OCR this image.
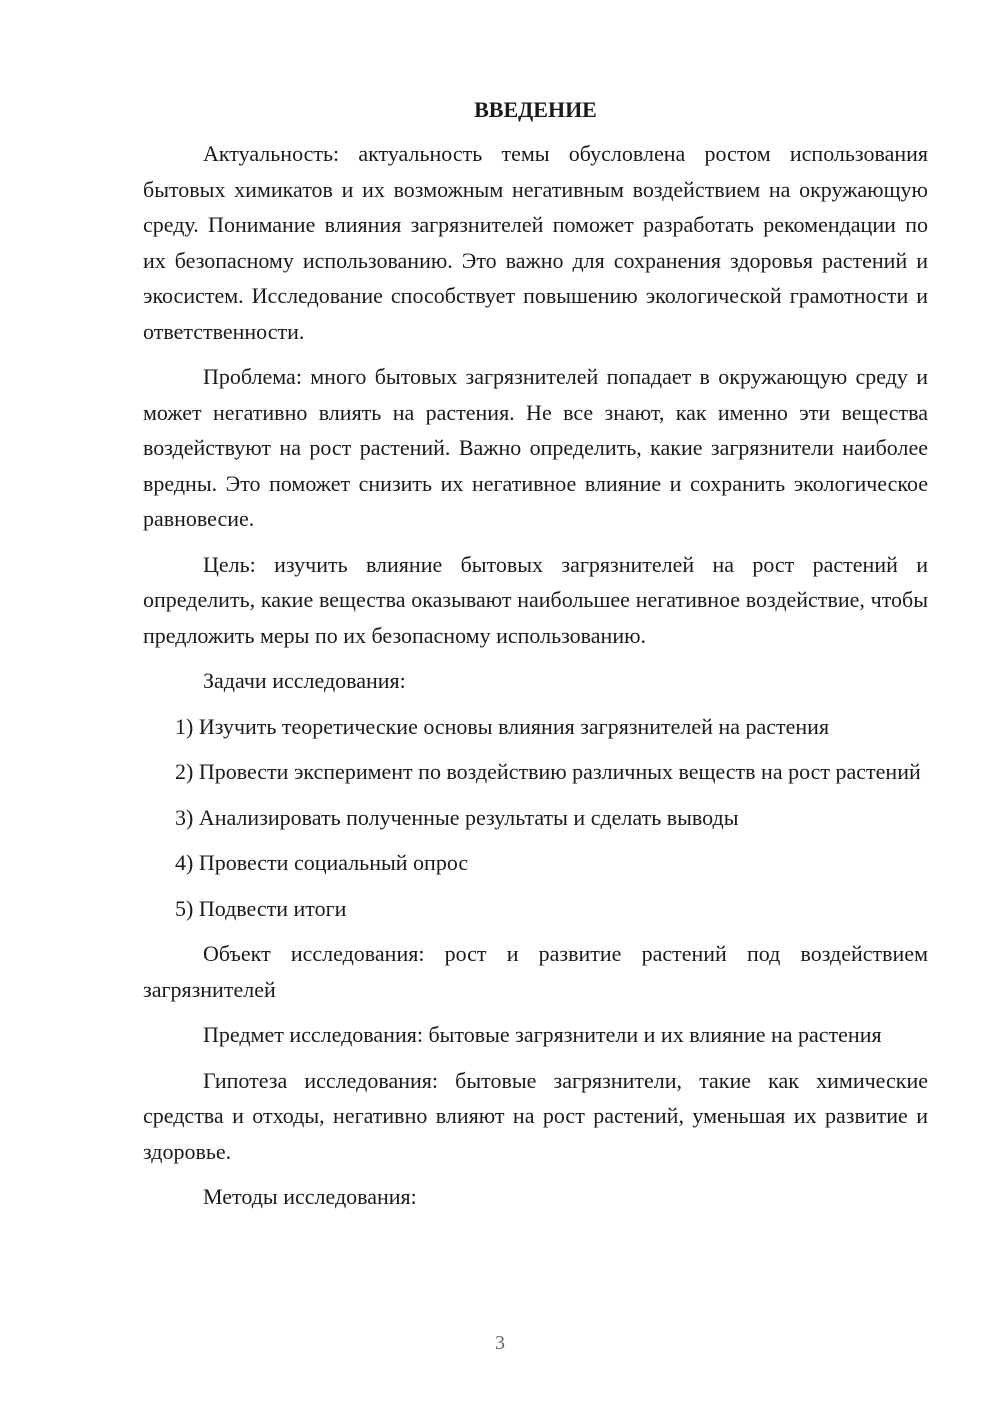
ВВЕДЕНИЕ

Актуальность: актуальность темы обусловлена ростом использования бытовых химикатов и их возможным негативным воздействием на окружающую среду. Понимание влияния загрязнителей поможет разработать рекомендации по их безопасному использованию. Это важно для сохранения здоровья растений и экосистем. Исследование способствует повышению экологической грамотности и ответственности.

Проблема: много бытовых загрязнителей попадает в окружающую среду и может негативно влиять на растения. Не все знают, как именно эти вещества воздействуют на рост растений. Важно определить, какие загрязнители наиболее вредны. Это поможет снизить их негативное влияние и сохранить экологическое равновесие.

Цель: изучить влияние бытовых загрязнителей на рост растений и определить, какие вещества оказывают наибольшее негативное воздействие, чтобы предложить меры по их безопасному использованию.

Задачи исследования:

1) Изучить теоретические основы влияния загрязнителей на растения

2) Провести эксперимент по воздействию различных веществ на рост растений

3) Анализировать полученные результаты и сделать выводы

4) Провести социальный опрос

5) Подвести итоги

Объект исследования: рост и развитие растений под воздействием загрязнителей

Предмет исследования: бытовые загрязнители и их влияние на растения

Гипотеза исследования: бытовые загрязнители, такие как химические средства и отходы, негативно влияют на рост растений, уменьшая их развитие и здоровье.

Методы исследования:

3
